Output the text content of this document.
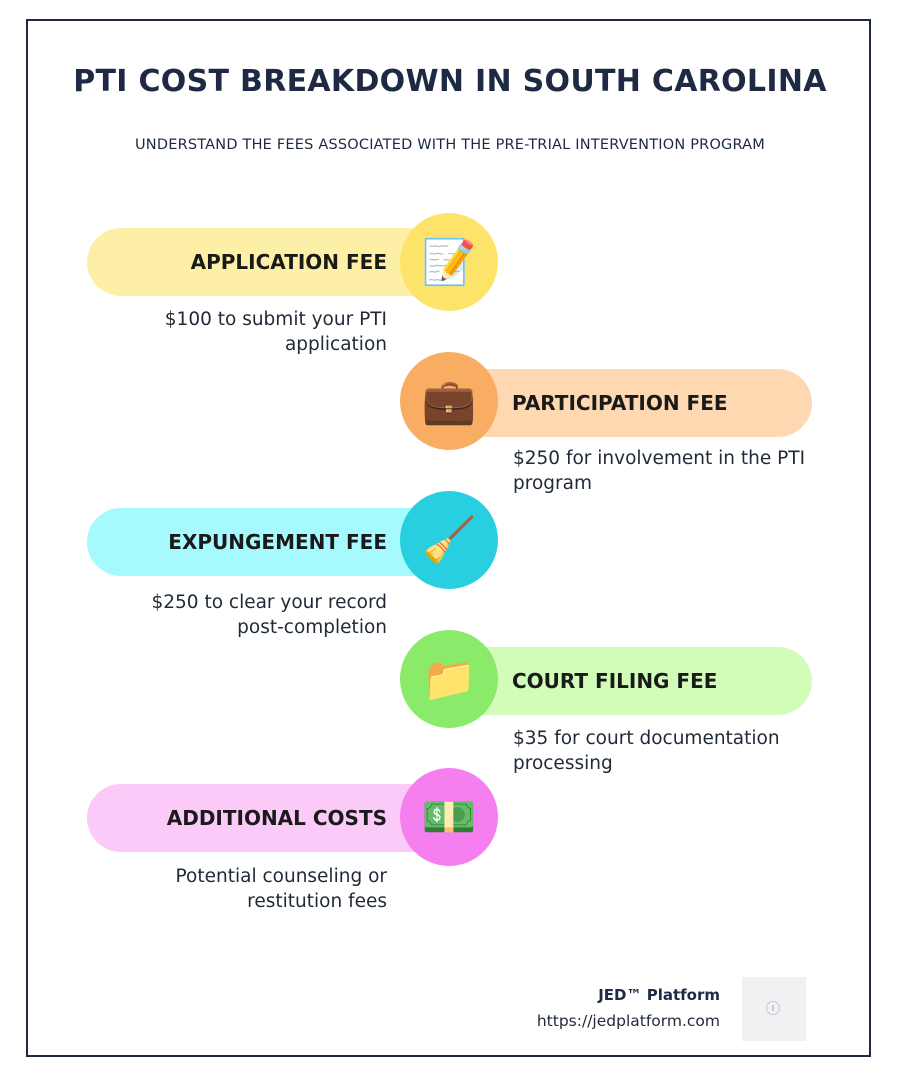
PTI COST BREAKDOWN IN SOUTH CAROLINA
UNDERSTAND THE FEES ASSOCIATED WITH THE PRE-TRIAL INTERVENTION PROGRAM
APPLICATION FEE 📝
$100 to submit your PTI application
PARTICIPATION FEE
💼
$250 for involvement in the PTI program
EXPUNGEMENT FEE 🧹
$250 to clear your record post-completion
COURT FILING FEE
📁
$35 for court documentation processing
ADDITIONAL COSTS 💵
Potential counseling or restitution fees
JED™ Platform
https://jedplatform.com
